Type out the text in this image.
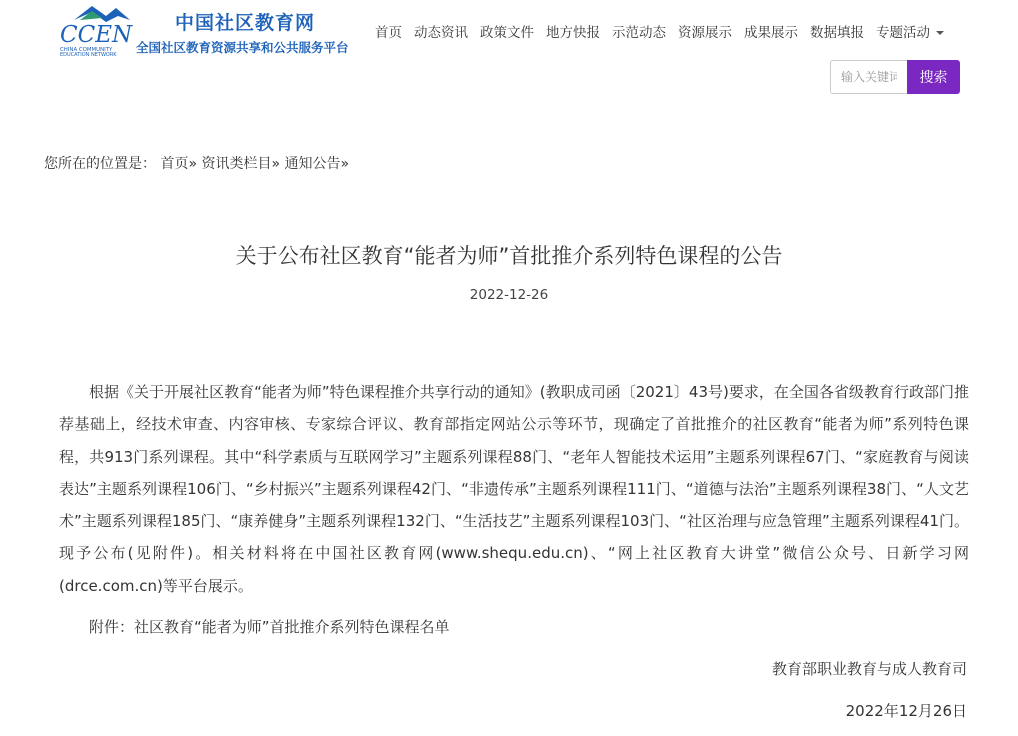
CCEN
CHINA COMMUNITY
EDUCATION NETWORK
中国社区教育网
全国社区教育资源共享和公共服务平台
首页 动态资讯 政策文件 地方快报 示范动态 资源展示 成果展示 数据填报 专题活动
输入关键词
搜索
您所在的位置是： 首页» 资讯类栏目» 通知公告»
关于公布社区教育“能者为师”首批推介系列特色课程的公告
2022-12-26

根据《关于开展社区教育“能者为师”特色课程推介共享行动的通知》(教职成司函〔2021〕43号)要求，在全国各省级教育行政部门推荐基础上，经技术审查、内容审核、专家综合评议、教育部指定网站公示等环节，现确定了首批推介的社区教育“能者为师”系列特色课程，共913门系列课程。其中“科学素质与互联网学习”主题系列课程88门、“老年人智能技术运用”主题系列课程67门、“家庭教育与阅读表达”主题系列课程106门、“乡村振兴”主题系列课程42门、“非遗传承”主题系列课程111门、“道德与法治”主题系列课程38门、“人文艺术”主题系列课程185门、“康养健身”主题系列课程132门、“生活技艺”主题系列课程103门、“社区治理与应急管理”主题系列课程41门。现予公布(见附件)。相关材料将在中国社区教育网(www.shequ.edu.cn)、“网上社区教育大讲堂”微信公众号、日新学习网(drce.com.cn)等平台展示。

附件：社区教育“能者为师”首批推介系列特色课程名单

教育部职业教育与成人教育司
2022年12月26日
